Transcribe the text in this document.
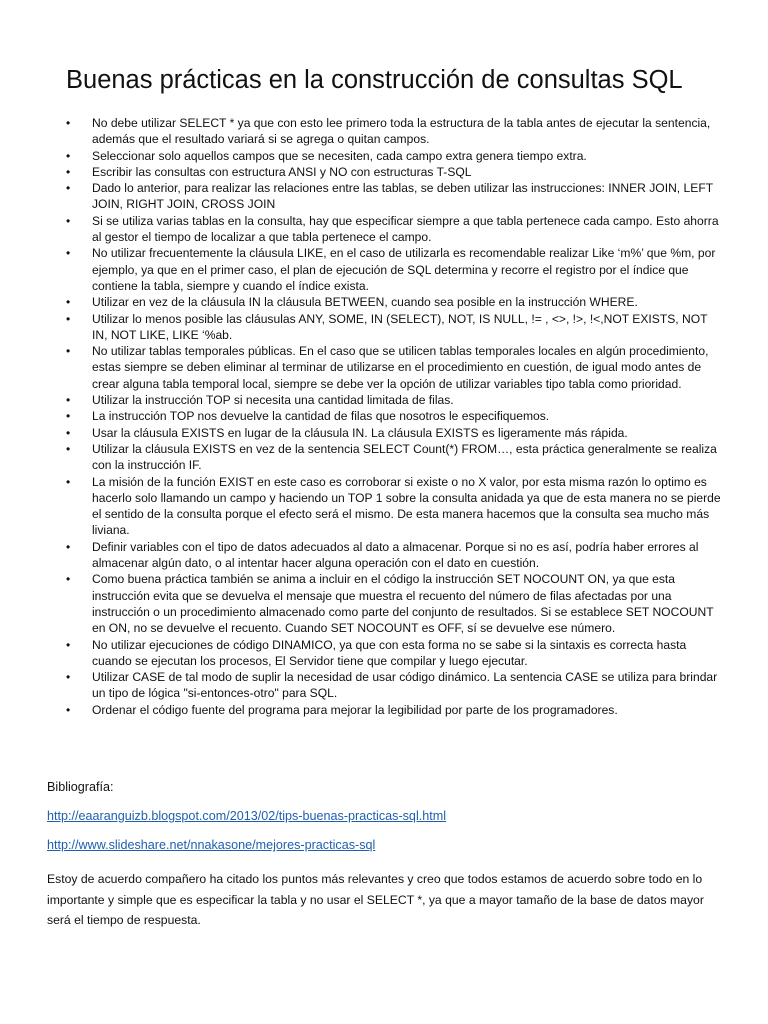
Buenas prácticas en la construcción de consultas SQL
• No debe utilizar SELECT * ya que con esto lee primero toda la estructura de la tabla antes de ejecutar la sentencia, además que el resultado variará si se agrega o quitan campos.
• Seleccionar solo aquellos campos que se necesiten, cada campo extra genera tiempo extra.
• Escribir las consultas con estructura ANSI y NO con estructuras T-SQL
• Dado lo anterior, para realizar las relaciones entre las tablas, se deben utilizar las instrucciones: INNER JOIN, LEFT JOIN, RIGHT JOIN, CROSS JOIN
• Si se utiliza varias tablas en la consulta, hay que especificar siempre a que tabla pertenece cada campo. Esto ahorra al gestor el tiempo de localizar a que tabla pertenece el campo.
• No utilizar frecuentemente la cláusula LIKE, en el caso de utilizarla es recomendable realizar Like ‘m%’ que %m, por ejemplo, ya que en el primer caso, el plan de ejecución de SQL determina y recorre el registro por el índice que contiene la tabla, siempre y cuando el índice exista.
• Utilizar en vez de la cláusula IN la cláusula BETWEEN, cuando sea posible en la instrucción WHERE.
• Utilizar lo menos posible las cláusulas ANY, SOME, IN (SELECT), NOT, IS NULL, != , <>, !>, !<,NOT EXISTS, NOT IN, NOT LIKE, LIKE ‘%ab.
• No utilizar tablas temporales públicas. En el caso que se utilicen tablas temporales locales en algún procedimiento, estas siempre se deben eliminar al terminar de utilizarse en el procedimiento en cuestión, de igual modo antes de crear alguna tabla temporal local, siempre se debe ver la opción de utilizar variables tipo tabla como prioridad.
• Utilizar la instrucción TOP si necesita una cantidad limitada de filas.
• La instrucción TOP nos devuelve la cantidad de filas que nosotros le especifiquemos.
• Usar la cláusula EXISTS en lugar de la cláusula IN. La cláusula EXISTS es ligeramente más rápida.
• Utilizar la cláusula EXISTS en vez de la sentencia SELECT Count(*) FROM…, esta práctica generalmente se realiza con la instrucción IF.
• La misión de la función EXIST en este caso es corroborar si existe o no X valor, por esta misma razón lo optimo es hacerlo solo llamando un campo y haciendo un TOP 1 sobre la consulta anidada ya que de esta manera no se pierde el sentido de la consulta porque el efecto será el mismo. De esta manera hacemos que la consulta sea mucho más liviana.
• Definir variables con el tipo de datos adecuados al dato a almacenar. Porque si no es así, podría haber errores al almacenar algún dato, o al intentar hacer alguna operación con el dato en cuestión.
• Como buena práctica también se anima a incluir en el código la instrucción SET NOCOUNT ON, ya que esta instrucción evita que se devuelva el mensaje que muestra el recuento del número de filas afectadas por una instrucción o un procedimiento almacenado como parte del conjunto de resultados. Si se establece SET NOCOUNT en ON, no se devuelve el recuento. Cuando SET NOCOUNT es OFF, sí se devuelve ese número.
• No utilizar ejecuciones de código DINAMICO, ya que con esta forma no se sabe si la sintaxis es correcta hasta cuando se ejecutan los procesos, El Servidor tiene que compilar y luego ejecutar.
• Utilizar CASE de tal modo de suplir la necesidad de usar código dinámico. La sentencia CASE se utiliza para brindar un tipo de lógica "si-entonces-otro" para SQL.
• Ordenar el código fuente del programa para mejorar la legibilidad por parte de los programadores.
Bibliografía:
http://eaaranguizb.blogspot.com/2013/02/tips-buenas-practicas-sql.html
http://www.slideshare.net/nnakasone/mejores-practicas-sql

Estoy de acuerdo compañero ha citado los puntos más relevantes y creo que todos estamos de acuerdo sobre todo en lo importante y simple que es especificar la tabla y no usar el SELECT *, ya que a mayor tamaño de la base de datos mayor será el tiempo de respuesta.
